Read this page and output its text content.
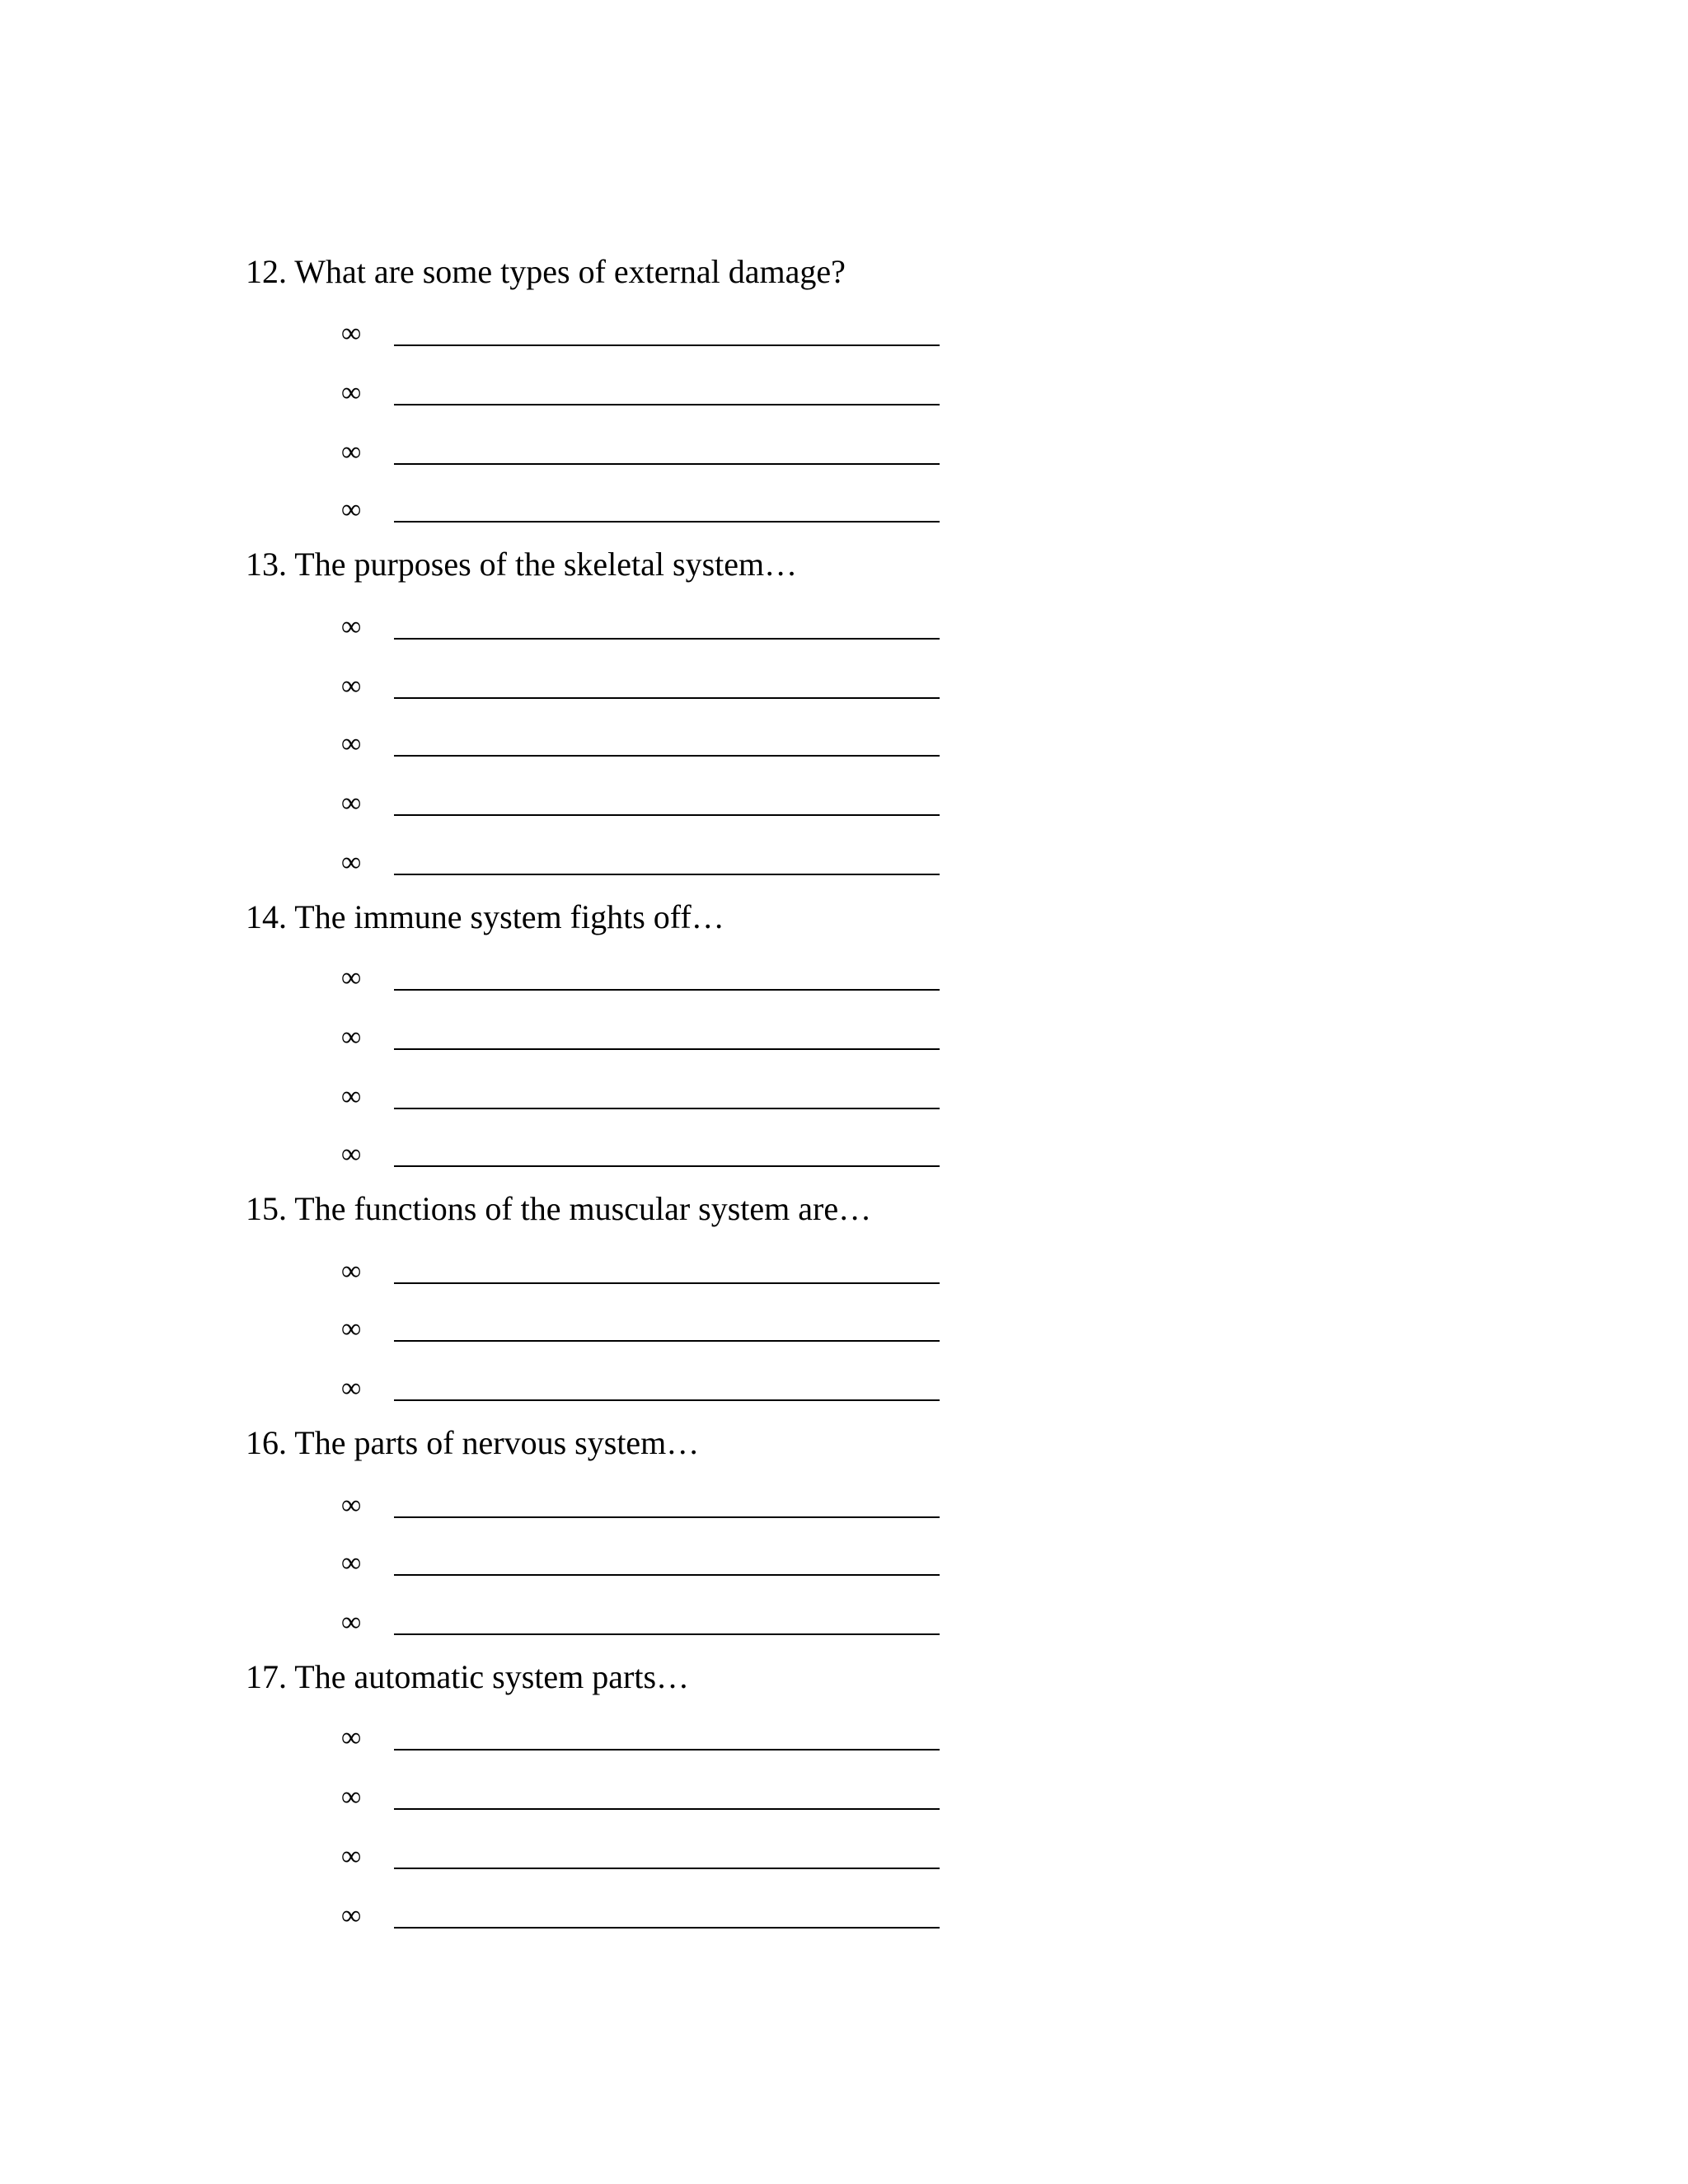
12. What are some types of external damage?
∞
∞
∞
∞
13. The purposes of the skeletal system…
∞
∞
∞
∞
∞
14. The immune system fights off…
∞
∞
∞
∞
15. The functions of the muscular system are…
∞
∞
∞
16. The parts of nervous system…
∞
∞
∞
17. The automatic system parts…
∞
∞
∞
∞
